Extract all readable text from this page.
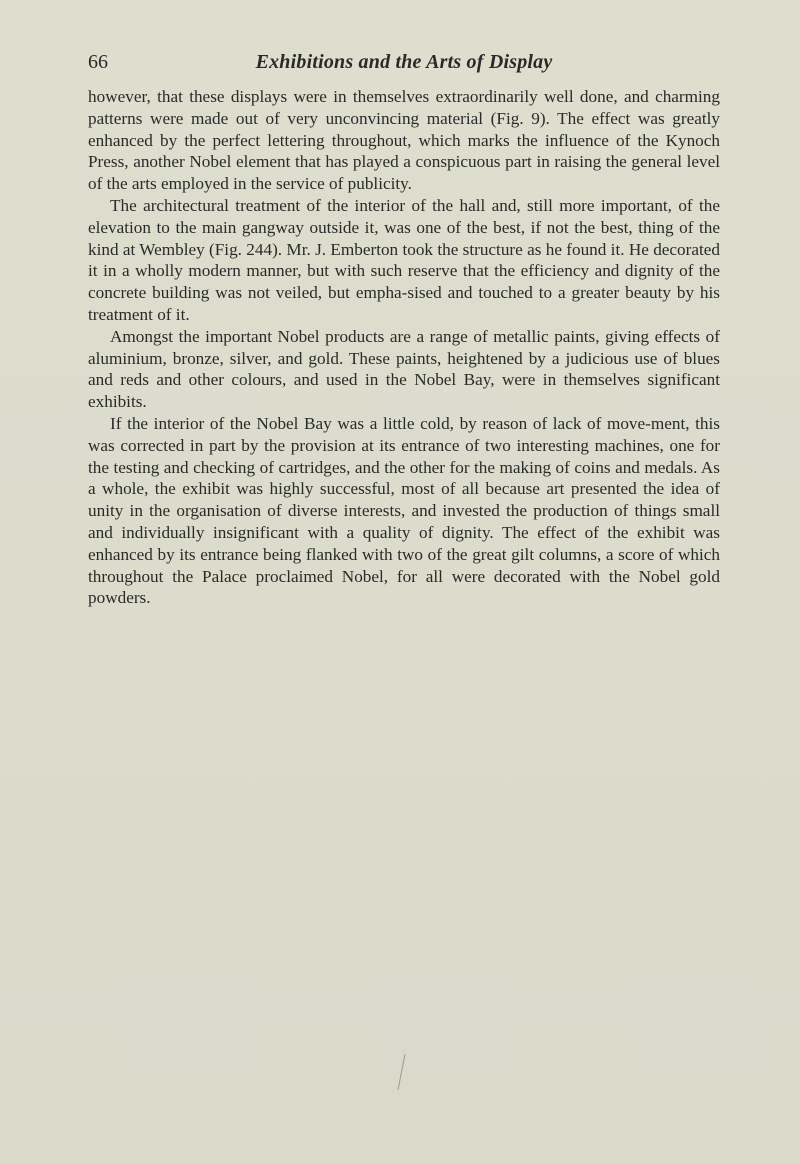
66	Exhibitions and the Arts of Display

however, that these displays were in themselves extraordinarily well done, and charming patterns were made out of very unconvincing material (Fig. 9). The effect was greatly enhanced by the perfect lettering throughout, which marks the influence of the Kynoch Press, another Nobel element that has played a conspicuous part in raising the general level of the arts employed in the service of publicity.

The architectural treatment of the interior of the hall and, still more important, of the elevation to the main gangway outside it, was one of the best, if not the best, thing of the kind at Wembley (Fig. 244). Mr. J. Emberton took the structure as he found it. He decorated it in a wholly modern manner, but with such reserve that the efficiency and dignity of the concrete building was not veiled, but empha-sised and touched to a greater beauty by his treatment of it.

Amongst the important Nobel products are a range of metallic paints, giving effects of aluminium, bronze, silver, and gold. These paints, heightened by a judicious use of blues and reds and other colours, and used in the Nobel Bay, were in themselves significant exhibits.

If the interior of the Nobel Bay was a little cold, by reason of lack of move-ment, this was corrected in part by the provision at its entrance of two interesting machines, one for the testing and checking of cartridges, and the other for the making of coins and medals. As a whole, the exhibit was highly successful, most of all because art presented the idea of unity in the organisation of diverse interests, and invested the production of things small and individually insignificant with a quality of dignity. The effect of the exhibit was enhanced by its entrance being flanked with two of the great gilt columns, a score of which throughout the Palace proclaimed Nobel, for all were decorated with the Nobel gold powders.
